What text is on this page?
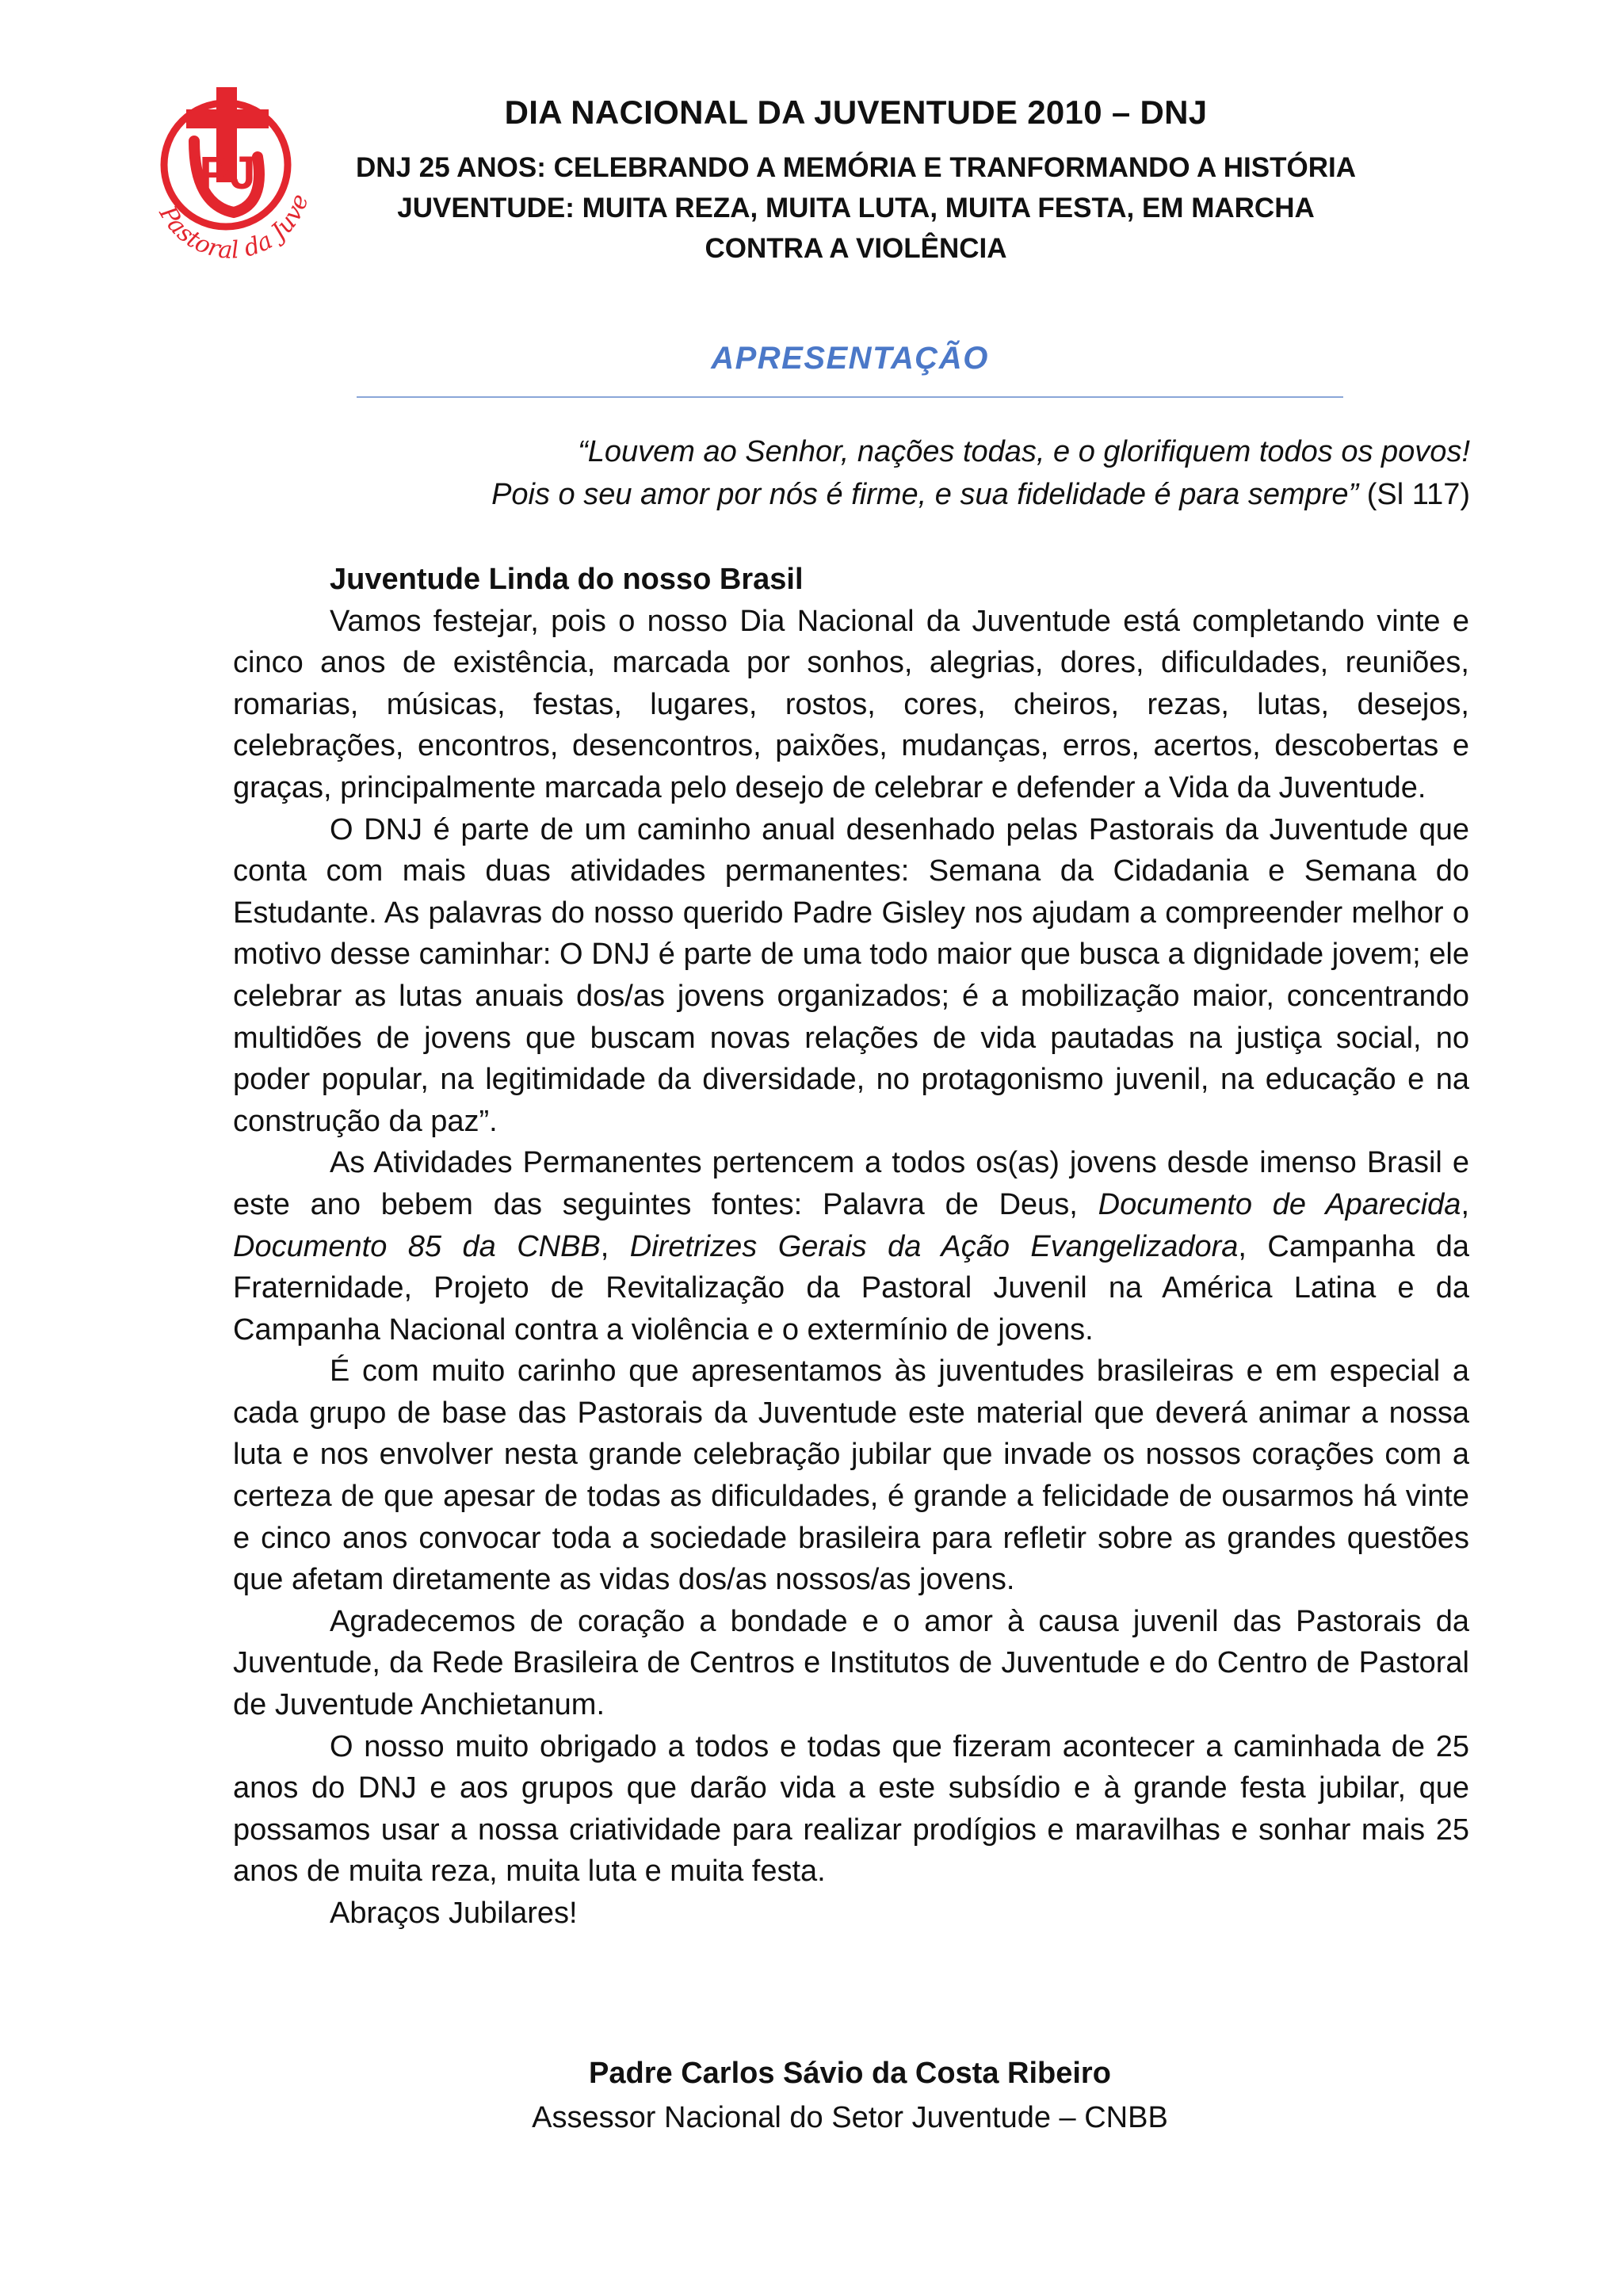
PJ
Pastoral da Juve
DIA NACIONAL DA JUVENTUDE 2010 – DNJ
DNJ 25 ANOS: CELEBRANDO A MEMÓRIA E TRANFORMANDO A HISTÓRIA
JUVENTUDE: MUITA REZA, MUITA LUTA, MUITA FESTA, EM MARCHA
CONTRA A VIOLÊNCIA
APRESENTAÇÃO
“Louvem ao Senhor, nações todas, e o glorifiquem todos os povos!
Pois o seu amor por nós é firme, e sua fidelidade é para sempre” (Sl 117)

Juventude Linda do nosso Brasil

Vamos festejar, pois o nosso Dia Nacional da Juventude está completando vinte e cinco anos de existência, marcada por sonhos, alegrias, dores, dificuldades, reuniões, romarias, músicas, festas, lugares, rostos, cores, cheiros, rezas, lutas, desejos, celebrações, encontros, desencontros, paixões, mudanças, erros, acertos, descobertas e graças, principalmente marcada pelo desejo de celebrar e defender a Vida da Juventude.

O DNJ é parte de um caminho anual desenhado pelas Pastorais da Juventude que conta com mais duas atividades permanentes: Semana da Cidadania e Semana do Estudante. As palavras do nosso querido Padre Gisley nos ajudam a compreender melhor o motivo desse caminhar: O DNJ é parte de uma todo maior que busca a dignidade jovem; ele celebrar as lutas anuais dos/as jovens organizados; é a mobilização maior, concentrando multidões de jovens que buscam novas relações de vida pautadas na justiça social, no poder popular, na legitimidade da diversidade, no protagonismo juvenil, na educação e na construção da paz”.

As Atividades Permanentes pertencem a todos os(as) jovens desde imenso Brasil e este ano bebem das seguintes fontes: Palavra de Deus, Documento de Aparecida, Documento 85 da CNBB, Diretrizes Gerais da Ação Evangelizadora, Campanha da Fraternidade, Projeto de Revitalização da Pastoral Juvenil na América Latina e da Campanha Nacional contra a violência e o extermínio de jovens.

É com muito carinho que apresentamos às juventudes brasileiras e em especial a cada grupo de base das Pastorais da Juventude este material que deverá animar a nossa luta e nos envolver nesta grande celebração jubilar que invade os nossos corações com a certeza de que apesar de todas as dificuldades, é grande a felicidade de ousarmos há vinte e cinco anos convocar toda a sociedade brasileira para refletir sobre as grandes questões que afetam diretamente as vidas dos/as nossos/as jovens.

Agradecemos de coração a bondade e o amor à causa juvenil das Pastorais da Juventude, da Rede Brasileira de Centros e Institutos de Juventude e do Centro de Pastoral de Juventude Anchietanum.

O nosso muito obrigado a todos e todas que fizeram acontecer a caminhada de 25 anos do DNJ e aos grupos que darão vida a este subsídio e à grande festa jubilar, que possamos usar a nossa criatividade para realizar prodígios e maravilhas e sonhar mais 25 anos de muita reza, muita luta e muita festa.

Abraços Jubilares!

Padre Carlos Sávio da Costa Ribeiro
Assessor Nacional do Setor Juventude – CNBB
